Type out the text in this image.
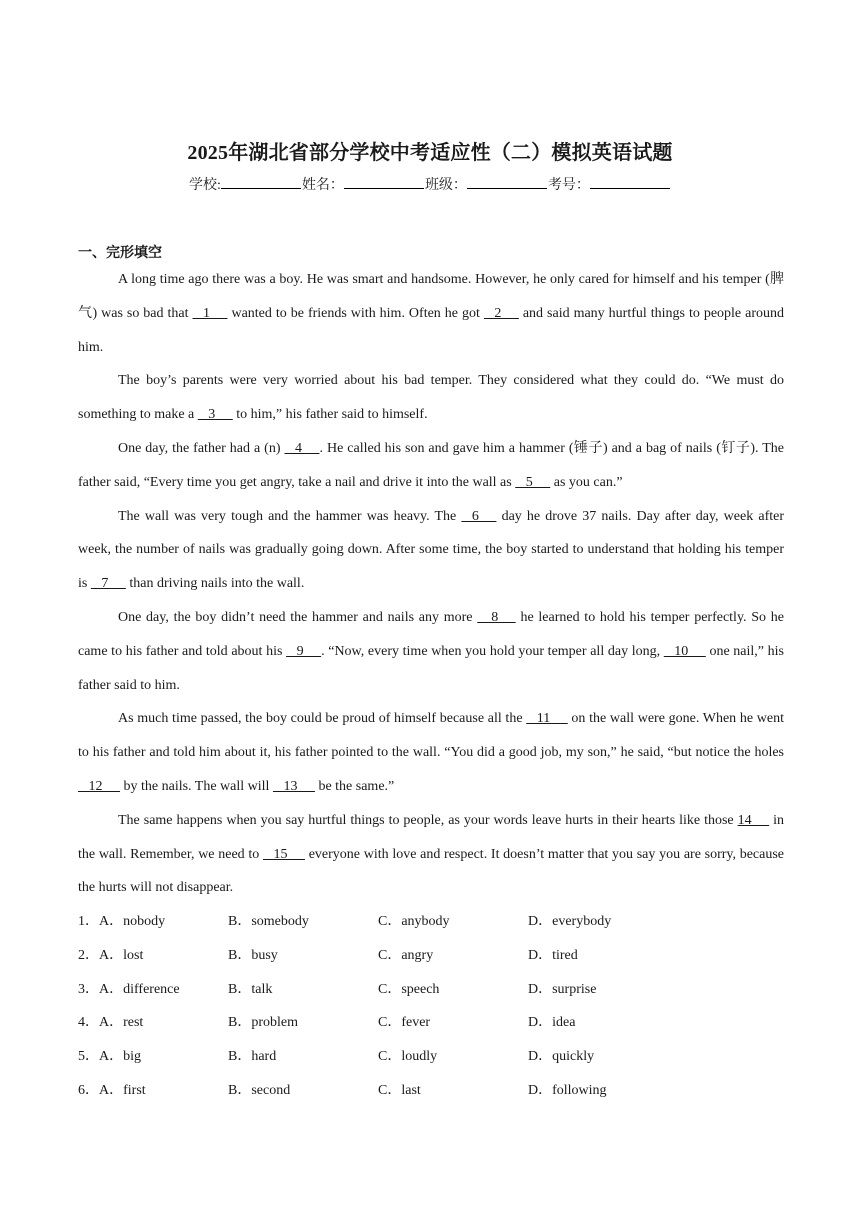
2025年湖北省部分学校中考适应性（二）模拟英语试题
学校:	姓名：	班级：	考号：
一、完形填空

A long time ago there was a boy. He was smart and handsome. However, he only cared for himself and his temper (脾气) was so bad that    1      wanted to be friends with him. Often he got    2      and said many hurtful things to people around him.

The boy’s parents were very worried about his bad temper. They considered what they could do. “We must do something to make a    3      to him,” his father said to himself.

One day, the father had a (n)    4     . He called his son and gave him a hammer (锤子) and a bag of nails (钉子). The father said, “Every time you get angry, take a nail and drive it into the wall as    5      as you can.”

The wall was very tough and the hammer was heavy. The    6      day he drove 37 nails. Day after day, week after week, the number of nails was gradually going down. After some time, the boy started to understand that holding his temper is    7      than driving nails into the wall.

One day, the boy didn’t need the hammer and nails any more     8      he learned to hold his temper perfectly. So he came to his father and told about his    9     . “Now, every time when you hold your temper all day long,    10      one nail,” his father said to him.

As much time passed, the boy could be proud of himself because all the    11      on the wall were gone. When he went to his father and told him about it, his father pointed to the wall. “You did a good job, my son,” he said, “but notice the holes    12      by the nails. The wall will    13      be the same.”

The same happens when you say hurtful things to people, as your words leave hurts in their hearts like those 14      in the wall. Remember, we need to    15      everyone with love and respect. It doesn’t matter that you say you are sorry, because the hurts will not disappear.

1．A．nobody	B．somebody	C．anybody	D．everybody
2．A．lost	B．busy	C．angry	D．tired
3．A．difference	B．talk	C．speech	D．surprise
4．A．rest	B．problem	C．fever	D．idea
5．A．big	B．hard	C．loudly	D．quickly
6．A．first	B．second	C．last	D．following
